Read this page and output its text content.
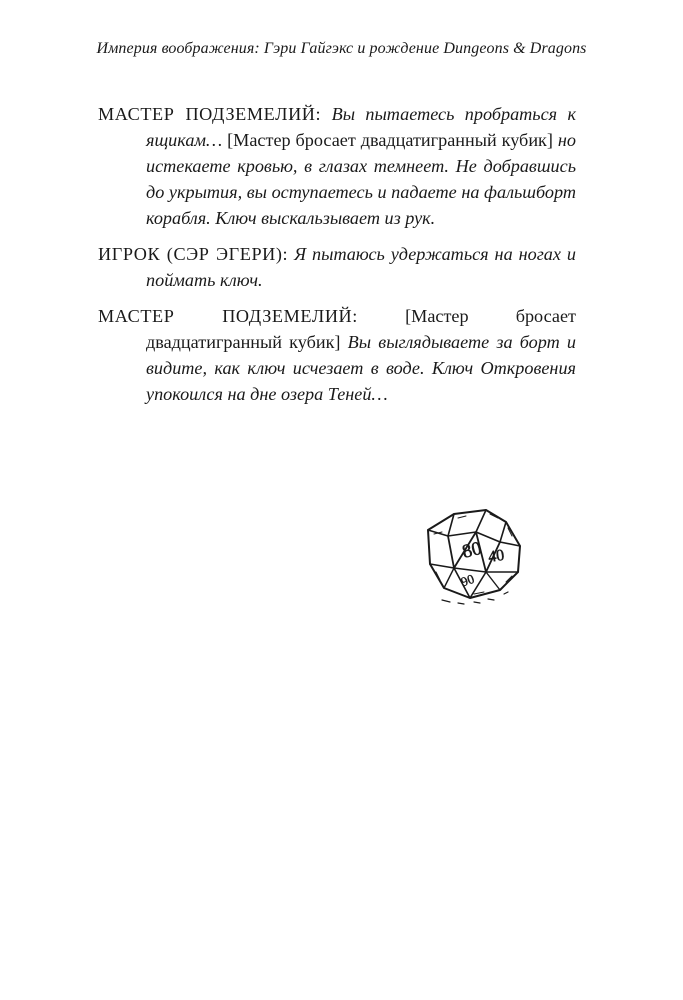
Империя воображения: Гэри Гайгэкс и рождение Dungeons & Dragons

МАСТЕР ПОДЗЕМЕЛИЙ: Вы пытаетесь пробраться к ящикам… [Мастер бросает двадцатигранный кубик] но истекаете кровью, в глазах темнеет. Не добравшись до укрытия, вы оступаетесь и падаете на фальшборт корабля. Ключ выскальзывает из рук.

ИГРОК (СЭР ЭГЕРИ): Я пытаюсь удержаться на ногах и поймать ключ.

МАСТЕР ПОДЗЕМЕЛИЙ: [Мастер бросает двадцатигранный кубик] Вы выглядываете за борт и видите, как ключ исчезает в воде. Ключ Откровения упокоился на дне озера Теней…

80 40
06
